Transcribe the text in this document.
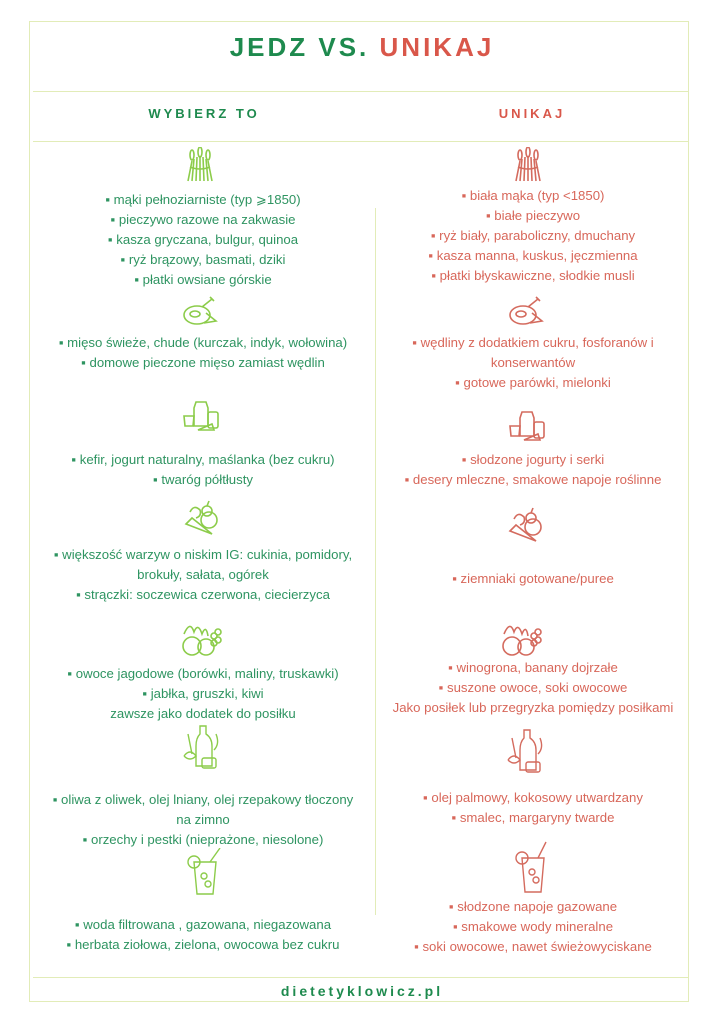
JEDZ VS. UNIKAJ
WYBIERZ TO	UNIKAJ
▪ mąki pełnoziarniste (typ ⩾1850)
▪ pieczywo razowe na zakwasie
▪ kasza gryczana, bulgur, quinoa
▪ ryż brązowy, basmati, dziki
▪ płatki owsiane górskie
▪ biała mąka (typ <1850)
▪ białe pieczywo
▪ ryż biały, paraboliczny, dmuchany
▪ kasza manna, kuskus, jęczmienna
▪ płatki błyskawiczne, słodkie musli
▪ mięso świeże, chude (kurczak, indyk, wołowina)
▪ domowe pieczone mięso zamiast wędlin
▪ wędliny z dodatkiem cukru, fosforanów i
konserwantów
▪ gotowe parówki, mielonki
▪ kefir, jogurt naturalny, maślanka (bez cukru)
▪ twaróg półtłusty
▪ słodzone jogurty i serki
▪ desery mleczne, smakowe napoje roślinne
▪ większość warzyw o niskim IG: cukinia, pomidory,
brokuły, sałata, ogórek
▪ strączki: soczewica czerwona, ciecierzyca
▪ ziemniaki gotowane/puree
▪ owoce jagodowe (borówki, maliny, truskawki)
▪ jabłka, gruszki, kiwi
zawsze jako dodatek do posiłku
▪ winogrona, banany dojrzałe
▪ suszone owoce, soki owocowe
Jako posiłek lub przegryzka pomiędzy posiłkami
▪ oliwa z oliwek, olej lniany, olej rzepakowy tłoczony
na zimno
▪ orzechy i pestki (nieprażone, niesolone)
▪ olej palmowy, kokosowy utwardzany
▪ smalec, margaryny twarde
▪ woda filtrowana , gazowana, niegazowana
▪ herbata ziołowa, zielona, owocowa bez cukru
▪ słodzone napoje gazowane
▪ smakowe wody mineralne
▪ soki owocowe, nawet świeżowyciskane
dietetyklowicz.pl
